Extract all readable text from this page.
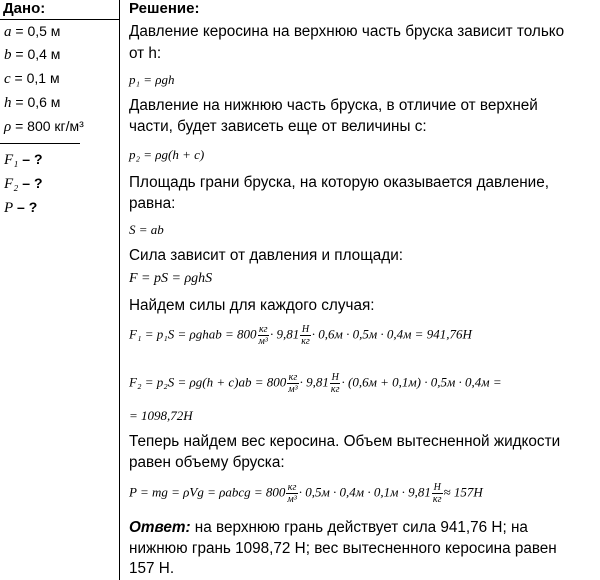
Дано:
a = 0,5 м
b = 0,4 м
c = 0,1 м
h = 0,6 м
ρ = 800 кг/м³
F₁ – ?
F₂ – ?
P – ?
Решение:
Давление керосина на верхнюю часть бруска зависит только
от h:
p₁ = ρgh
Давление на нижнюю часть бруска, в отличие от верхней
части, будет зависеть еще от величины с:
p₂ = ρg(h + c)
Площадь грани бруска, на которую оказывается давление,
равна:
S = ab
Сила зависит от давления и площади:
F = pS = ρghS
Найдем силы для каждого случая:
F₁ = p₁S = ρghab = $800 \frac{кг}{\text{м³}} \cdot 9,81 \frac{Н}{кг} \cdot 0,6м \cdot 0,5м \cdot 0,4м = 941,76Н$
$F_2 = p_2S = \rho g(h + c)ab = 800 \frac{кг}{\text{м³}} \cdot 9,81 \frac{Н}{кг} \cdot (0,6м + 0,1м) \cdot 0,5м \cdot 0,4м$ =
= 1098,72Н
Теперь найдем вес керосина. Объем вытесненной жидкости
равен объему бруска:
P = mg = ρVg = ρabcg = $800 \frac{кг}{\text{м³}} \cdot 0,5м \cdot 0,4м \cdot 0,1м \cdot 9,81 \frac{Н}{кг} \approx 157Н$
Ответ: на верхнюю грань действует сила 941,76 Н; на
нижнюю грань 1098,72 Н; вес вытесненного керосина равен
157 Н.
